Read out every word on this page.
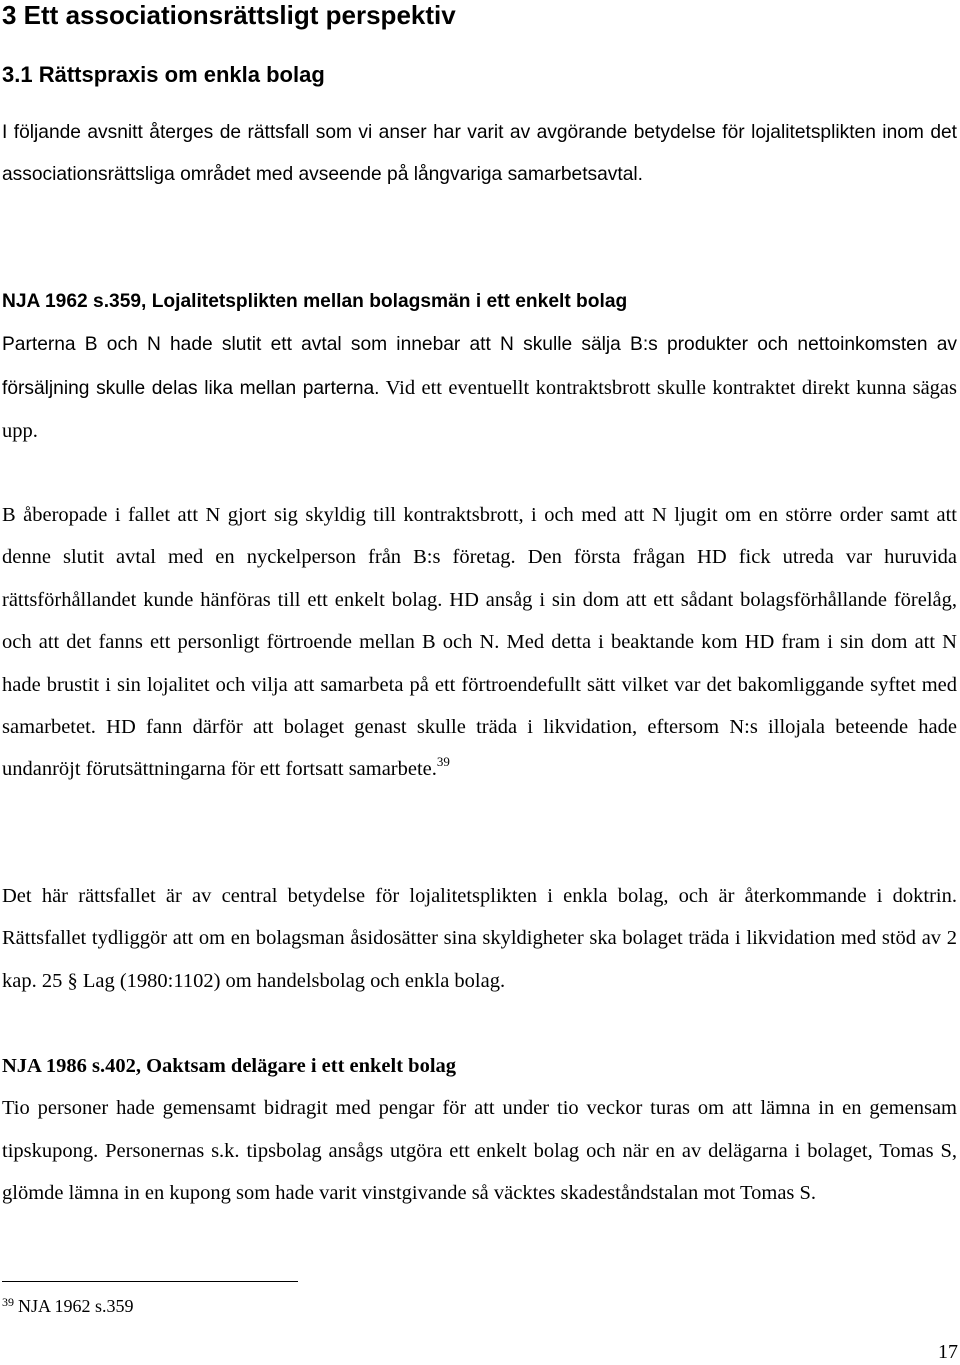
3 Ett associationsrättsligt perspektiv
3.1 Rättspraxis om enkla bolag
I följande avsnitt återges de rättsfall som vi anser har varit av avgörande betydelse för lojalitetsplikten inom det associationsrättsliga området med avseende på långvariga samarbetsavtal.
NJA 1962 s.359, Lojalitetsplikten mellan bolagsmän i ett enkelt bolag
Parterna B och N hade slutit ett avtal som innebar att N skulle sälja B:s produkter och nettoinkomsten av försäljning skulle delas lika mellan parterna. Vid ett eventuellt kontraktsbrott skulle kontraktet direkt kunna sägas upp.
B åberopade i fallet att N gjort sig skyldig till kontraktsbrott, i och med att N ljugit om en större order samt att denne slutit avtal med en nyckelperson från B:s företag. Den första frågan HD fick utreda var huruvida rättsförhållandet kunde hänföras till ett enkelt bolag. HD ansåg i sin dom att ett sådant bolagsförhållande förelåg, och att det fanns ett personligt förtroende mellan B och N. Med detta i beaktande kom HD fram i sin dom att N hade brustit i sin lojalitet och vilja att samarbeta på ett förtroendefullt sätt vilket var det bakomliggande syftet med samarbetet. HD fann därför att bolaget genast skulle träda i likvidation, eftersom N:s illojala beteende hade undanröjt förutsättningarna för ett fortsatt samarbete.$^{39}$
Det här rättsfallet är av central betydelse för lojalitetsplikten i enkla bolag, och är återkommande i doktrin. Rättsfallet tydliggör att om en bolagsman åsidosätter sina skyldigheter ska bolaget träda i likvidation med stöd av 2 kap. 25 § Lag (1980:1102) om handelsbolag och enkla bolag.
NJA 1986 s.402, Oaktsam delägare i ett enkelt bolag
Tio personer hade gemensamt bidragit med pengar för att under tio veckor turas om att lämna in en gemensam tipskupong. Personernas s.k. tipsbolag ansågs utgöra ett enkelt bolag och när en av delägarna i bolaget, Tomas S, glömde lämna in en kupong som hade varit vinstgivande så väcktes skadeståndstalan mot Tomas S.
$^{39}$ NJA 1962 s.359
17
